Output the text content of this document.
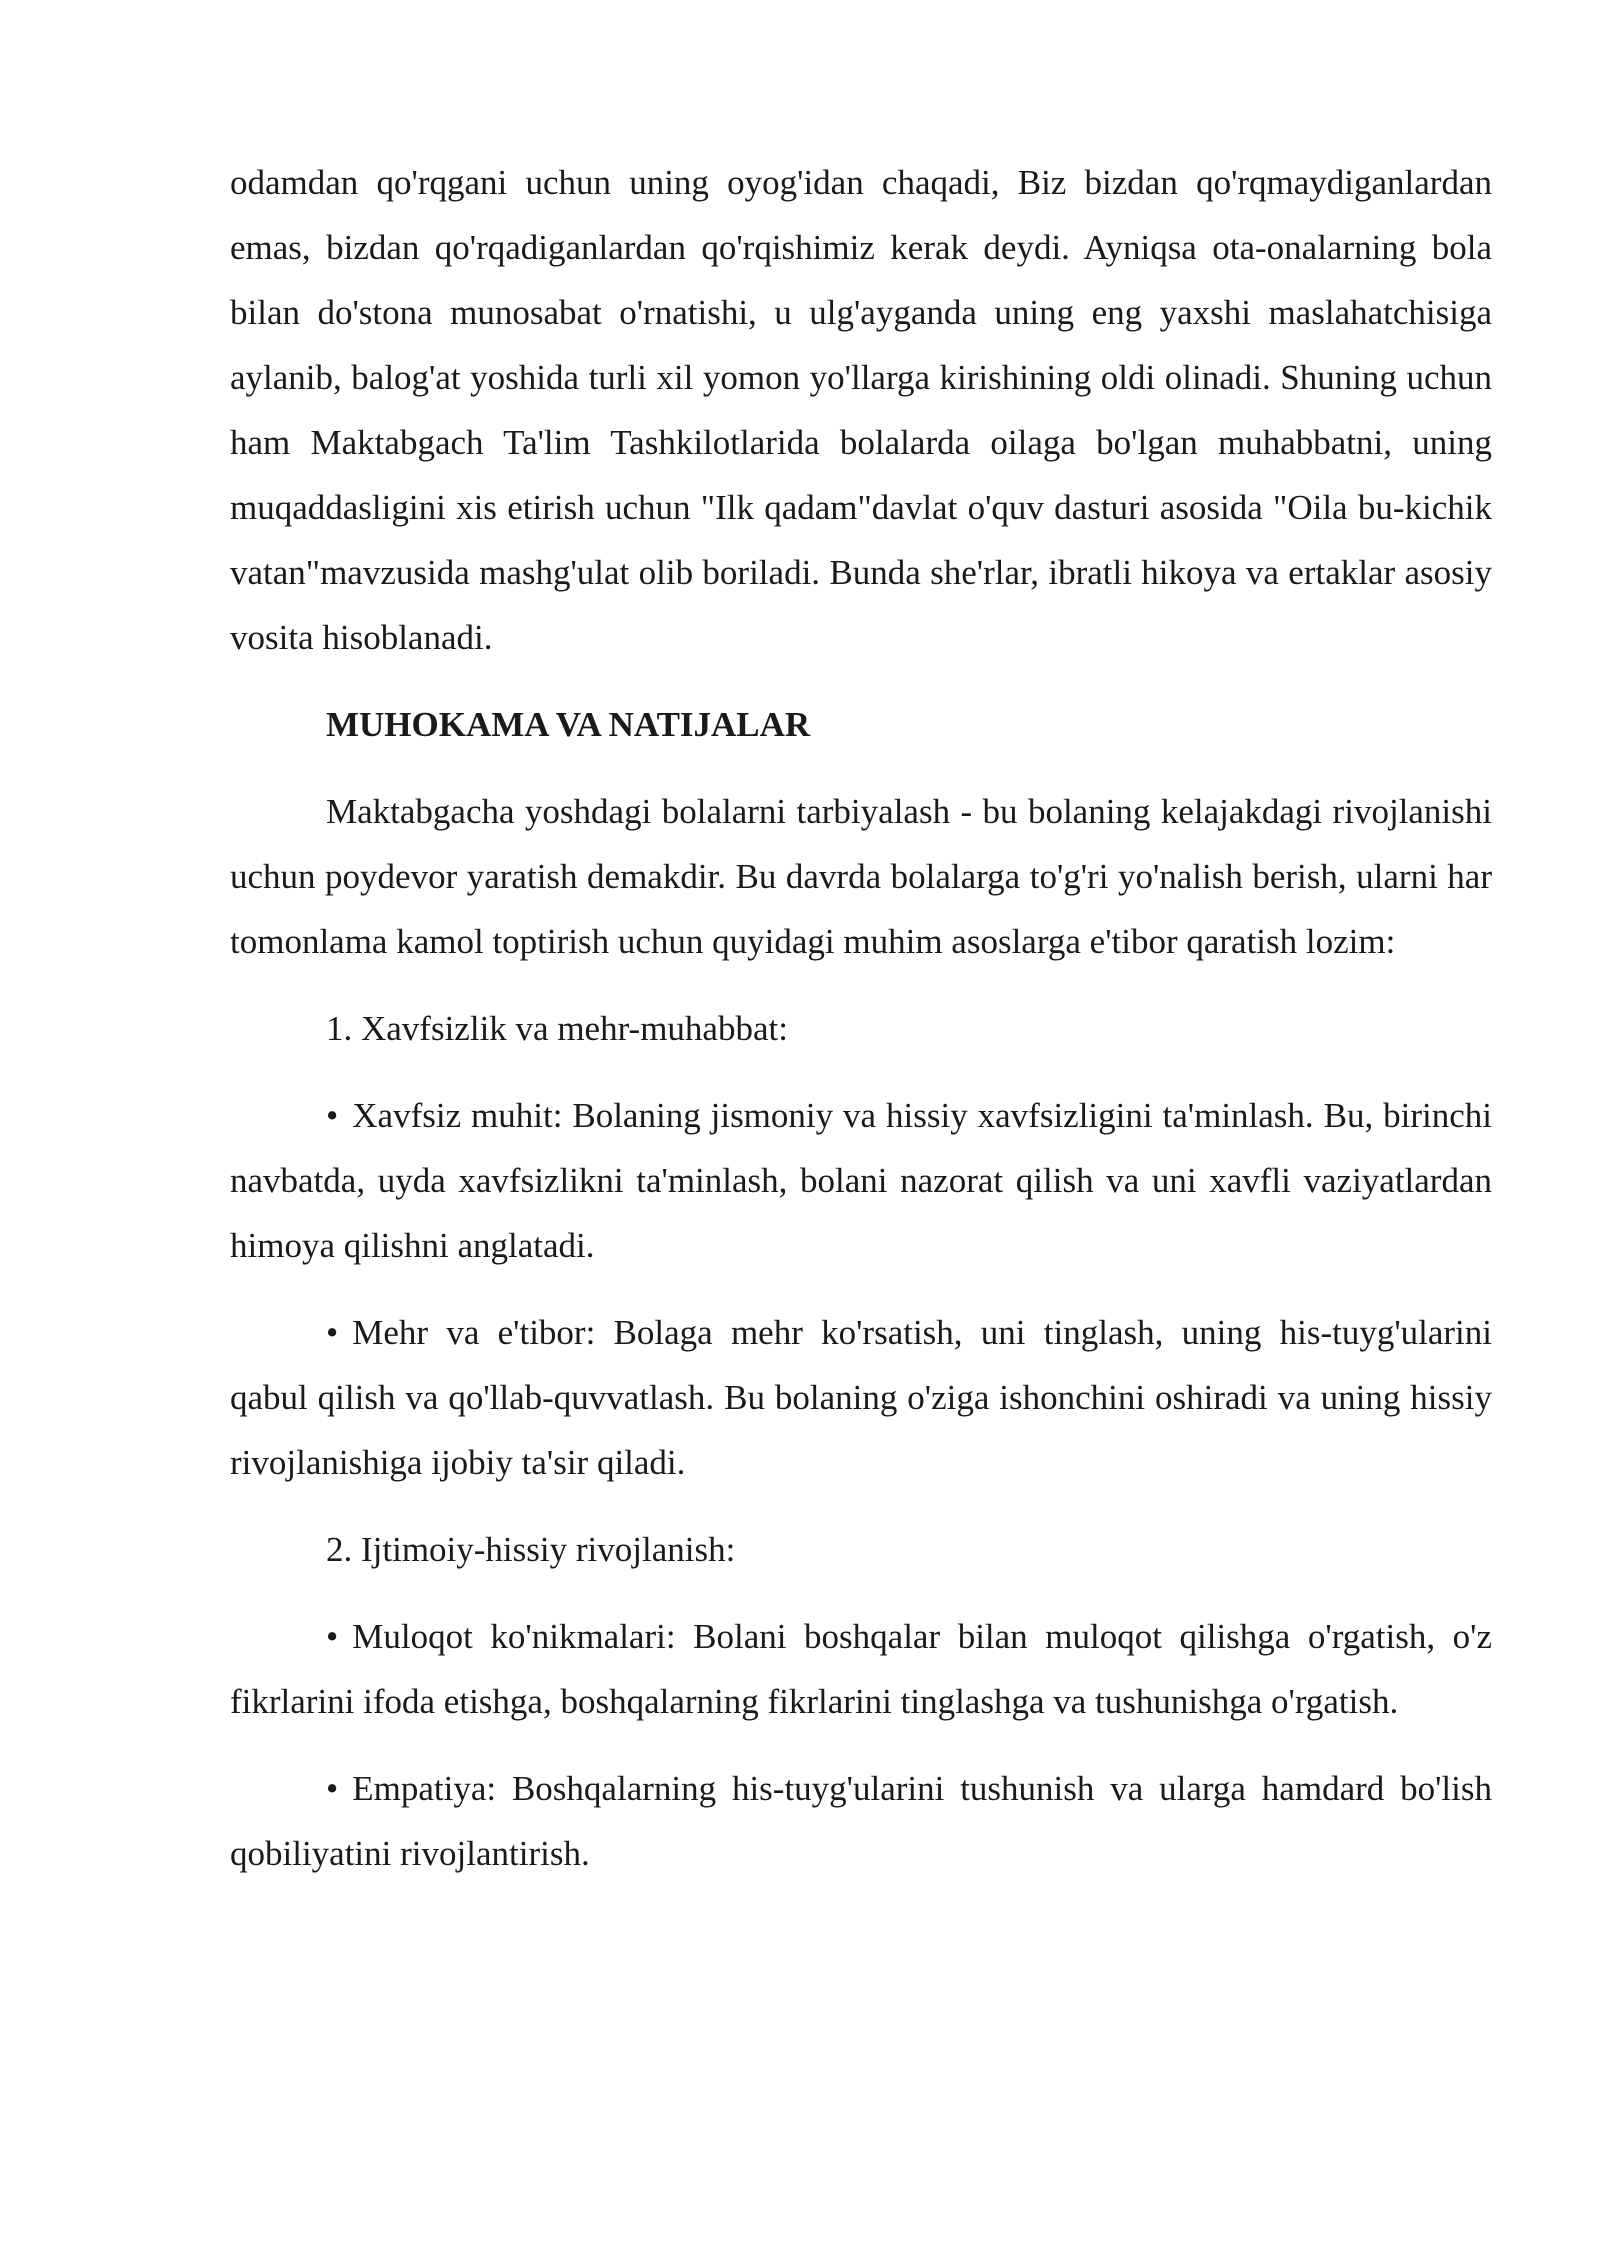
odamdan qo'rqgani uchun uning oyog'idan chaqadi, Biz bizdan qo'rqmaydiganlardan emas, bizdan qo'rqadiganlardan qo'rqishimiz kerak deydi. Ayniqsa ota-onalarning bola bilan do'stona munosabat o'rnatishi, u ulg'ayganda uning eng yaxshi maslahatchisiga aylanib, balog'at yoshida turli xil yomon yo'llarga kirishining oldi olinadi. Shuning uchun ham Maktabgach Ta'lim Tashkilotlarida bolalarda oilaga bo'lgan muhabbatni, uning muqaddasligini xis etirish uchun "Ilk qadam"davlat o'quv dasturi asosida "Oila bu-kichik vatan"mavzusida mashg'ulat olib boriladi. Bunda she'rlar, ibratli hikoya va ertaklar asosiy vosita hisoblanadi.

MUHOKAMA VA NATIJALAR

Maktabgacha yoshdagi bolalarni tarbiyalash - bu bolaning kelajakdagi rivojlanishi uchun poydevor yaratish demakdir. Bu davrda bolalarga to'g'ri yo'nalish berish, ularni har tomonlama kamol toptirish uchun quyidagi muhim asoslarga e'tibor qaratish lozim:

1. Xavfsizlik va mehr-muhabbat:

• Xavfsiz muhit: Bolaning jismoniy va hissiy xavfsizligini ta'minlash. Bu, birinchi navbatda, uyda xavfsizlikni ta'minlash, bolani nazorat qilish va uni xavfli vaziyatlardan himoya qilishni anglatadi.

• Mehr va e'tibor: Bolaga mehr ko'rsatish, uni tinglash, uning his-tuyg'ularini qabul qilish va qo'llab-quvvatlash. Bu bolaning o'ziga ishonchini oshiradi va uning hissiy rivojlanishiga ijobiy ta'sir qiladi.

2. Ijtimoiy-hissiy rivojlanish:

• Muloqot ko'nikmalari: Bolani boshqalar bilan muloqot qilishga o'rgatish, o'z fikrlarini ifoda etishga, boshqalarning fikrlarini tinglashga va tushunishga o'rgatish.

• Empatiya: Boshqalarning his-tuyg'ularini tushunish va ularga hamdard bo'lish qobiliyatini rivojlantirish.
